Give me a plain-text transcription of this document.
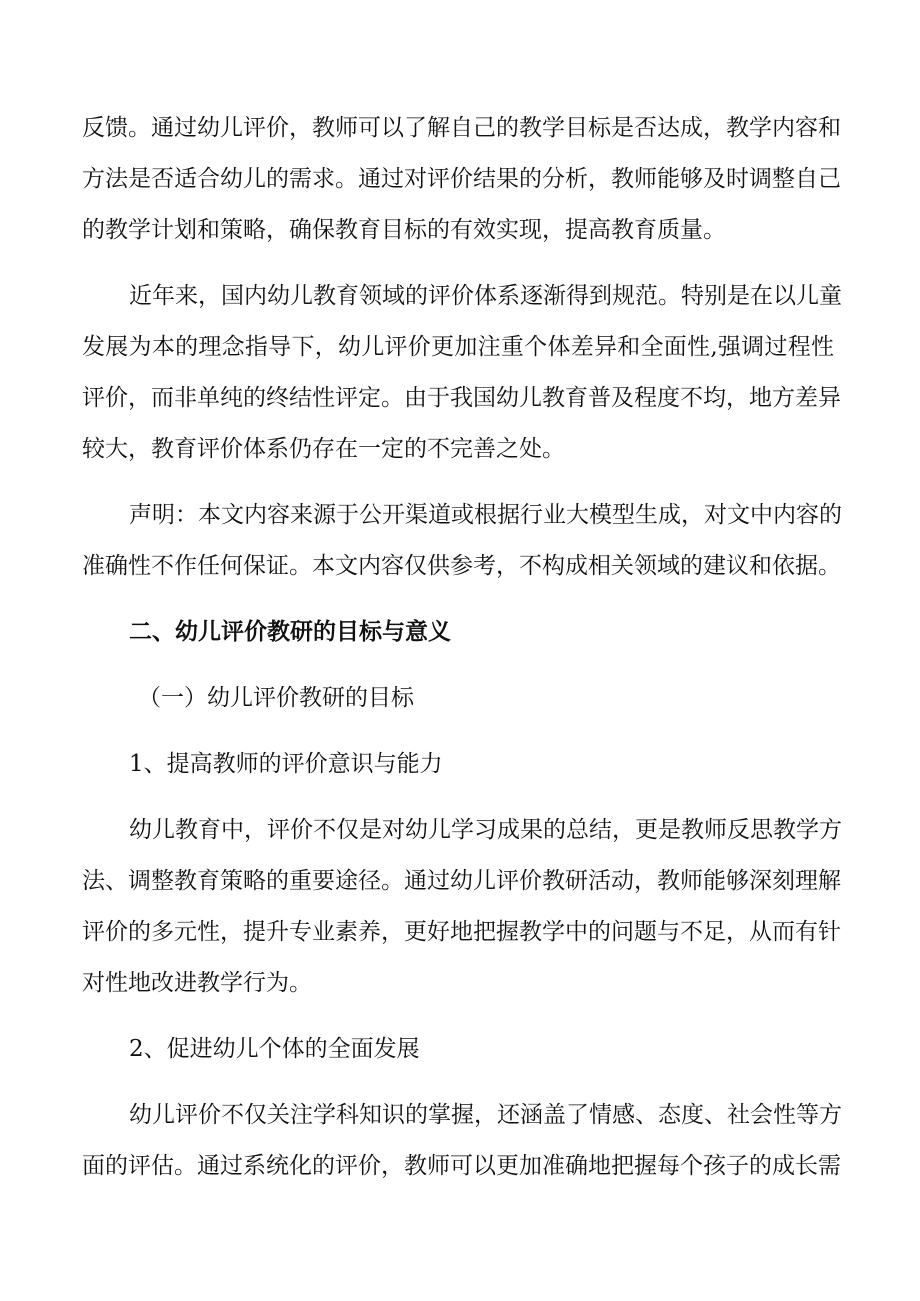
反馈。通过幼儿评价，教师可以了解自己的教学目标是否达成，教学内容和
方法是否适合幼儿的需求。通过对评价结果的分析，教师能够及时调整自己
的教学计划和策略，确保教育目标的有效实现，提高教育质量。
近年来，国内幼儿教育领域的评价体系逐渐得到规范。特别是在以儿童
发展为本的理念指导下，幼儿评价更加注重个体差异和全面性,强调过程性
评价，而非单纯的终结性评定。由于我国幼儿教育普及程度不均，地方差异
较大，教育评价体系仍存在一定的不完善之处。
声明：本文内容来源于公开渠道或根据行业大模型生成，对文中内容的
准确性不作任何保证。本文内容仅供参考，不构成相关领域的建议和依据。
二、幼儿评价教研的目标与意义
（一）幼儿评价教研的目标
1、提高教师的评价意识与能力
幼儿教育中，评价不仅是对幼儿学习成果的总结，更是教师反思教学方
法、调整教育策略的重要途径。通过幼儿评价教研活动，教师能够深刻理解
评价的多元性，提升专业素养，更好地把握教学中的问题与不足，从而有针
对性地改进教学行为。
2、促进幼儿个体的全面发展
幼儿评价不仅关注学科知识的掌握，还涵盖了情感、态度、社会性等方
面的评估。通过系统化的评价，教师可以更加准确地把握每个孩子的成长需
